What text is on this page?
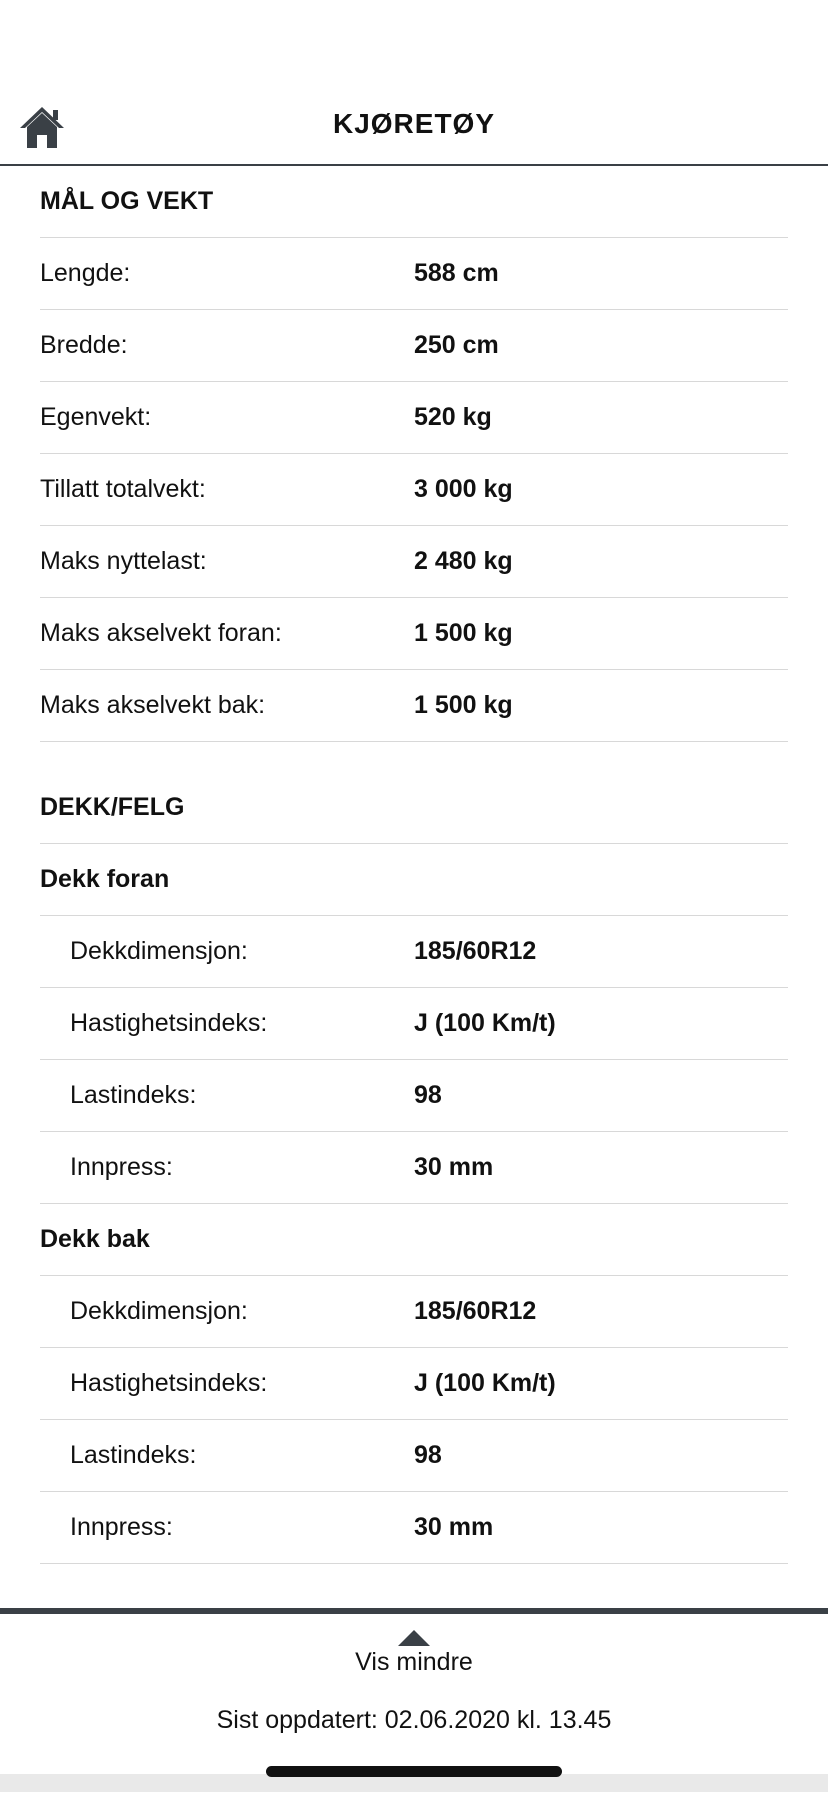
KJØRETØY
MÅL OG VEKT
Lengde:	588 cm
Bredde:	250 cm
Egenvekt:	520 kg
Tillatt totalvekt:	3 000 kg
Maks nyttelast:	2 480 kg
Maks akselvekt foran:	1 500 kg
Maks akselvekt bak:	1 500 kg
DEKK/FELG
Dekk foran
Dekkdimensjon:	185/60R12
Hastighetsindeks:	J (100 Km/t)
Lastindeks:	98
Innpress:	30 mm
Dekk bak
Dekkdimensjon:	185/60R12
Hastighetsindeks:	J (100 Km/t)
Lastindeks:	98
Innpress:	30 mm
Vis mindre
Sist oppdatert: 02.06.2020 kl. 13.45
